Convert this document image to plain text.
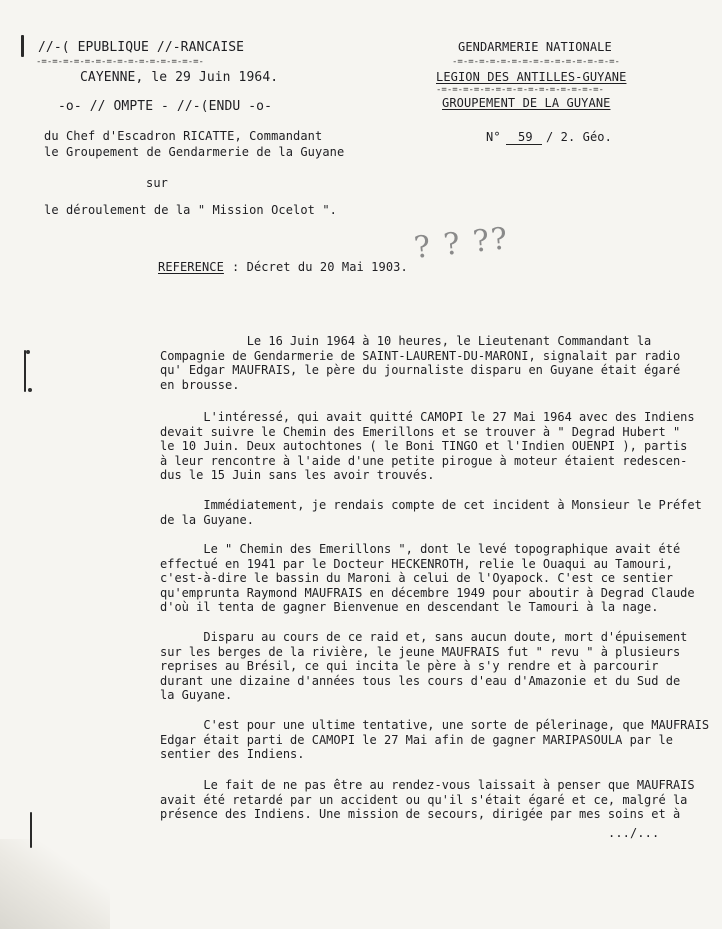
//-( EPUBLIQUE //-RANCAISE
-=-=-=-=-=-=-=-=-=-=-=-=-=-=-=-
CAYENNE, le 29 Juin 1964.
-o- // OMPTE - //-(ENDU -o-
GENDARMERIE NATIONALE
-=-=-=-=-=-=-=-=-=-=-=-=-=-=-=-
LEGION DES ANTILLES-GUYANE
-=-=-=-=-=-=-=-=-=-=-=-=-=-=-=-
GROUPEMENT DE LA GUYANE
N° 59 / 2. Géo.
du Chef d'Escadron RICATTE, Commandant
le Groupement de Gendarmerie de la Guyane
sur
le déroulement de la " Mission Ocelot ".
REFERENCE : Décret du 20 Mai 1903.
? ? ??
Le 16 Juin 1964 à 10 heures, le Lieutenant Commandant la
Compagnie de Gendarmerie de SAINT-LAURENT-DU-MARONI, signalait par radio
qu' Edgar MAUFRAIS, le père du journaliste disparu en Guyane était égaré
en brousse.
L'intéressé, qui avait quitté CAMOPI le 27 Mai 1964 avec des Indiens
devait suivre le Chemin des Emerillons et se trouver à " Degrad Hubert "
le 10 Juin. Deux autochtones ( le Boni TINGO et l'Indien OUENPI ), partis
à leur rencontre à l'aide d'une petite pirogue à moteur étaient redescen-
dus le 15 Juin sans les avoir trouvés.
Immédiatement, je rendais compte de cet incident à Monsieur le Préfet
de la Guyane.
Le " Chemin des Emerillons ", dont le levé topographique avait été
effectué en 1941 par le Docteur HECKENROTH, relie le Ouaqui au Tamouri,
c'est-à-dire le bassin du Maroni à celui de l'Oyapock. C'est ce sentier
qu'emprunta Raymond MAUFRAIS en décembre 1949 pour aboutir à Degrad Claude
d'où il tenta de gagner Bienvenue en descendant le Tamouri à la nage.
Disparu au cours de ce raid et, sans aucun doute, mort d'épuisement
sur les berges de la rivière, le jeune MAUFRAIS fut " revu " à plusieurs
reprises au Brésil, ce qui incita le père à s'y rendre et à parcourir
durant une dizaine d'années tous les cours d'eau d'Amazonie et du Sud de
la Guyane.
C'est pour une ultime tentative, une sorte de pélerinage, que MAUFRAIS
Edgar était parti de CAMOPI le 27 Mai afin de gagner MARIPASOULA par le
sentier des Indiens.
Le fait de ne pas être au rendez-vous laissait à penser que MAUFRAIS
avait été retardé par un accident ou qu'il s'était égaré et ce, malgré la
présence des Indiens. Une mission de secours, dirigée par mes soins et à
.../...
